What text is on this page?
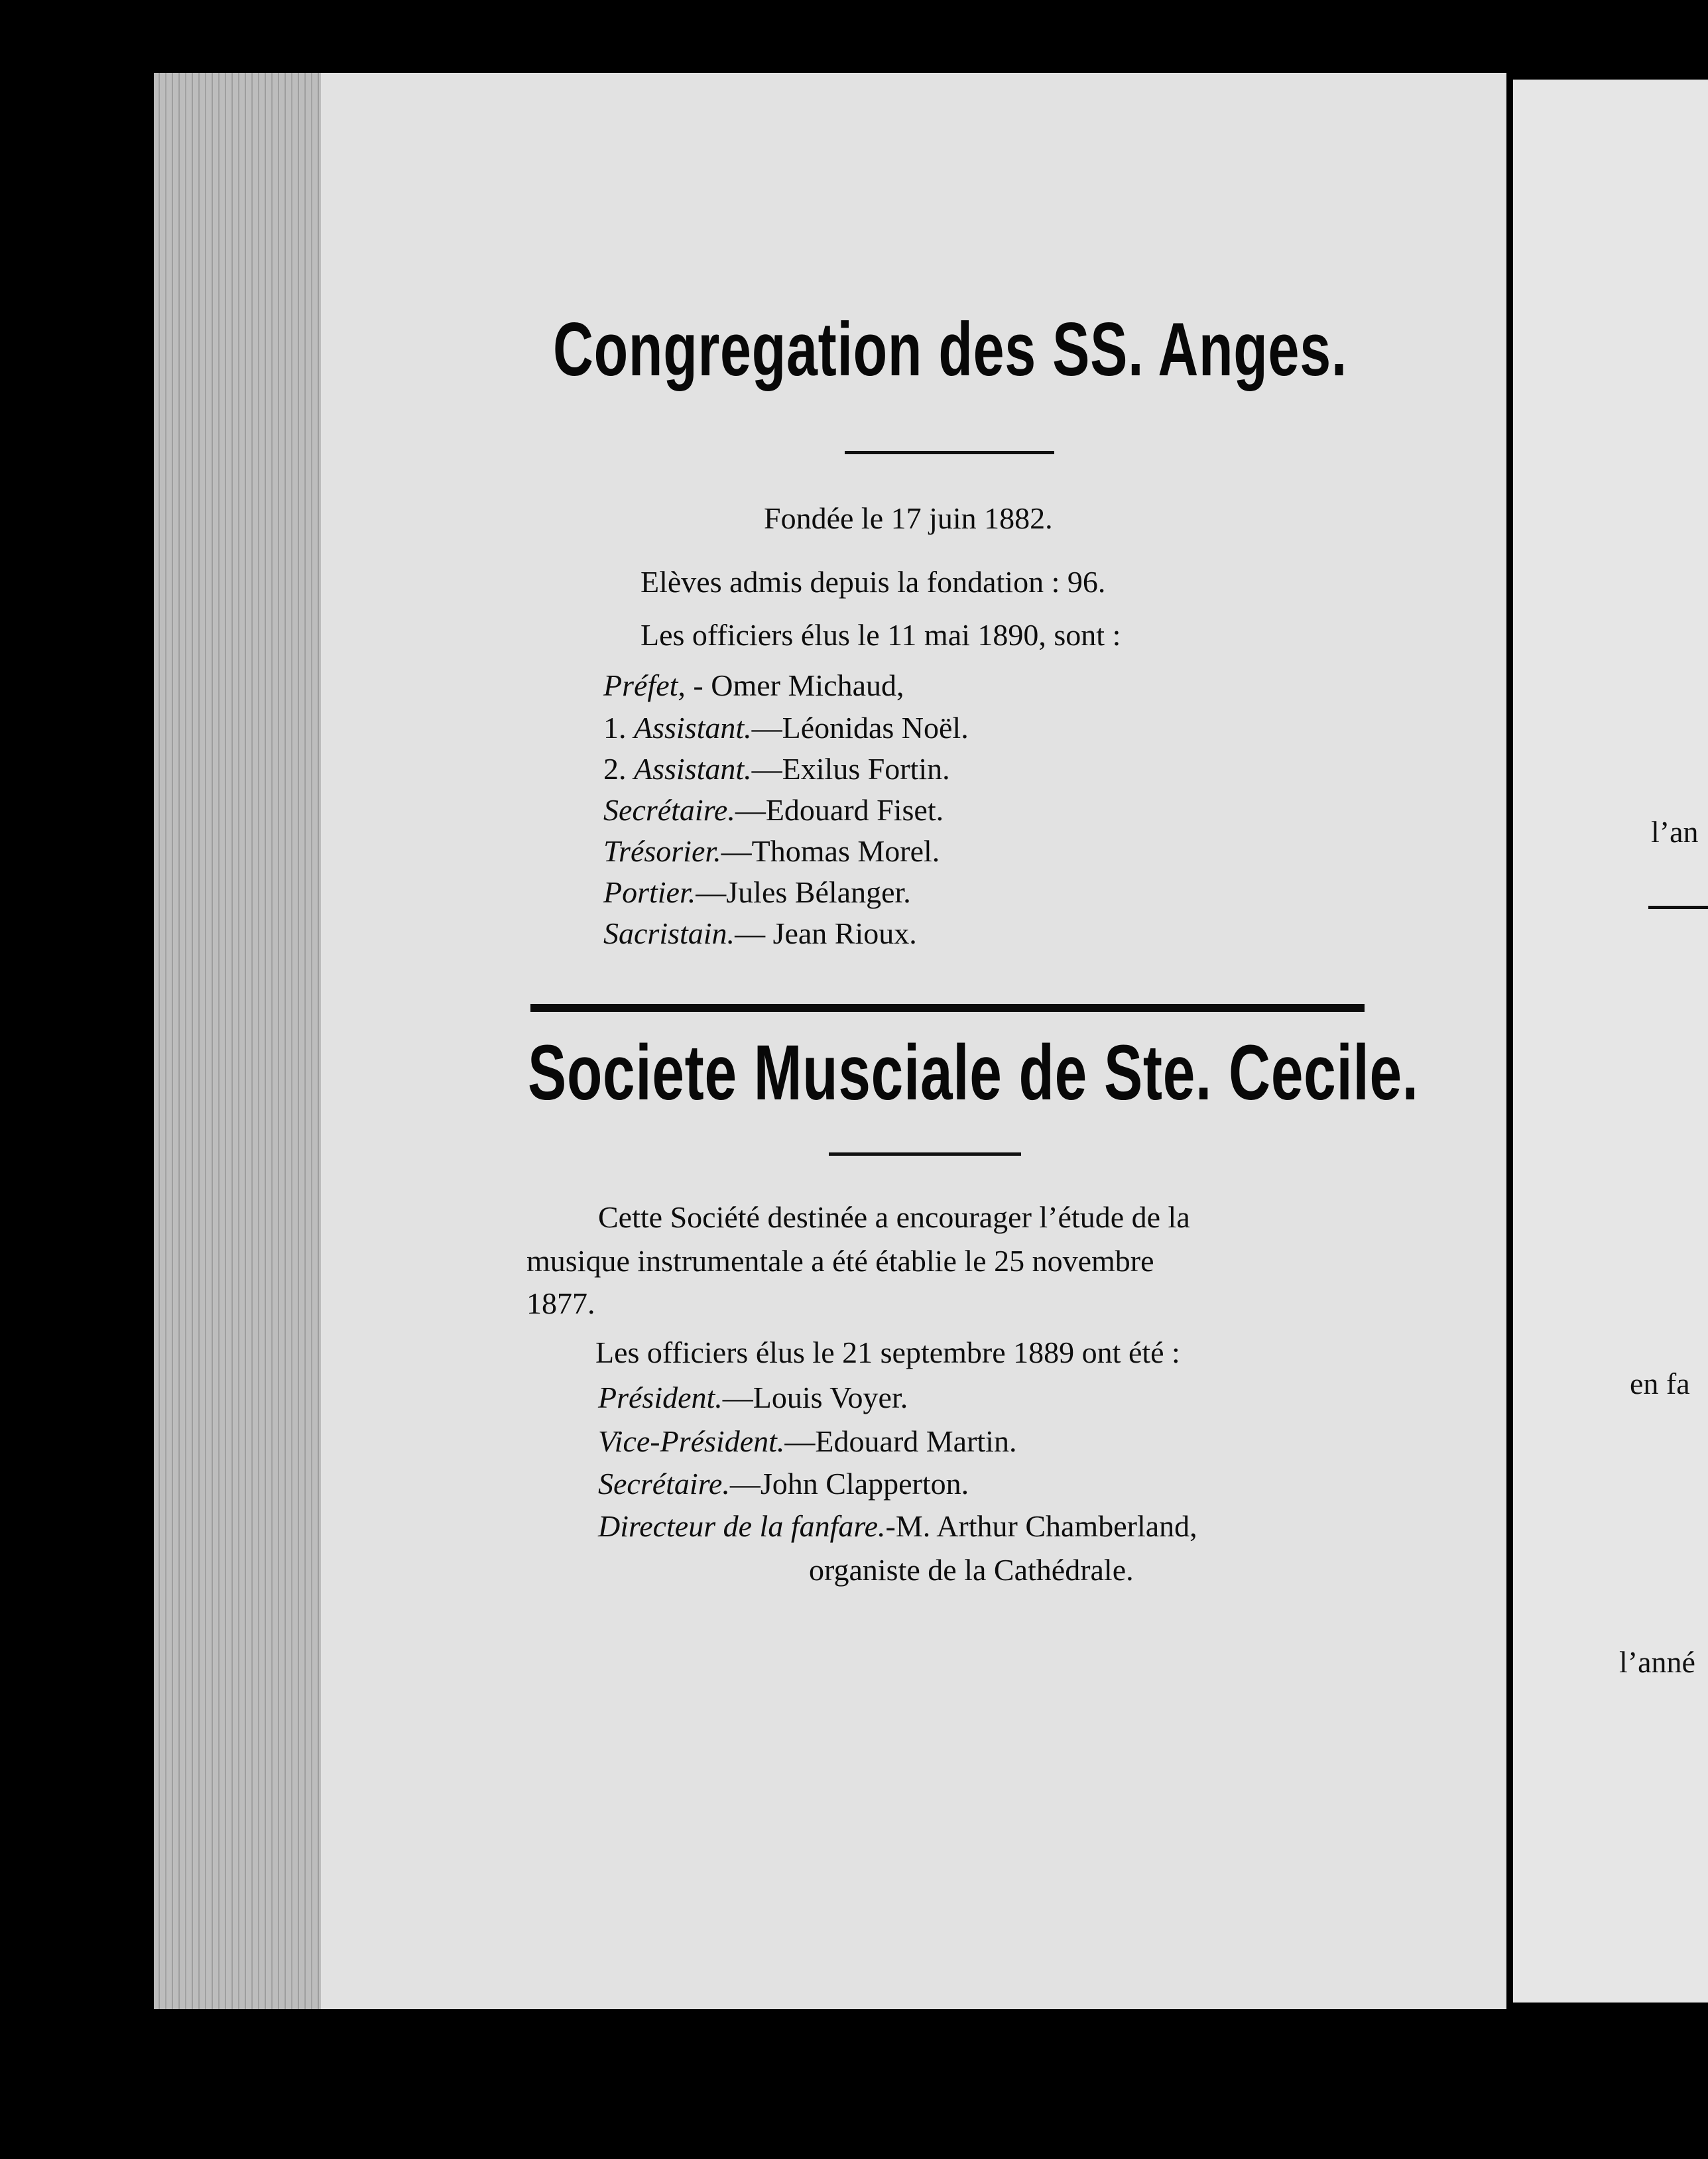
Congregation des SS. Anges.
Fondée le 17 juin 1882.
Elèves admis depuis la fondation : 96.
Les officiers élus le 11 mai 1890, sont :
Préfet, - Omer Michaud,
1. Assistant.—Léonidas Noël.
2. Assistant.—Exilus Fortin.
Secrétaire.—Edouard Fiset.
Trésorier.—Thomas Morel.
Portier.—Jules Bélanger.
Sacristain.— Jean Rioux.
Societe Musciale de Ste. Cecile.
Cette Société destinée a encourager l’étude de la
musique instrumentale a été établie le 25 novembre
1877.
Les officiers élus le 21 septembre 1889 ont été :
Président.—Louis Voyer.
Vice-Président.—Edouard Martin.
Secrétaire.—John Clapperton.
Directeur de la fanfare.-M. Arthur Chamberland,
organiste de la Cathédrale.
l’an
en fa
l’anné
